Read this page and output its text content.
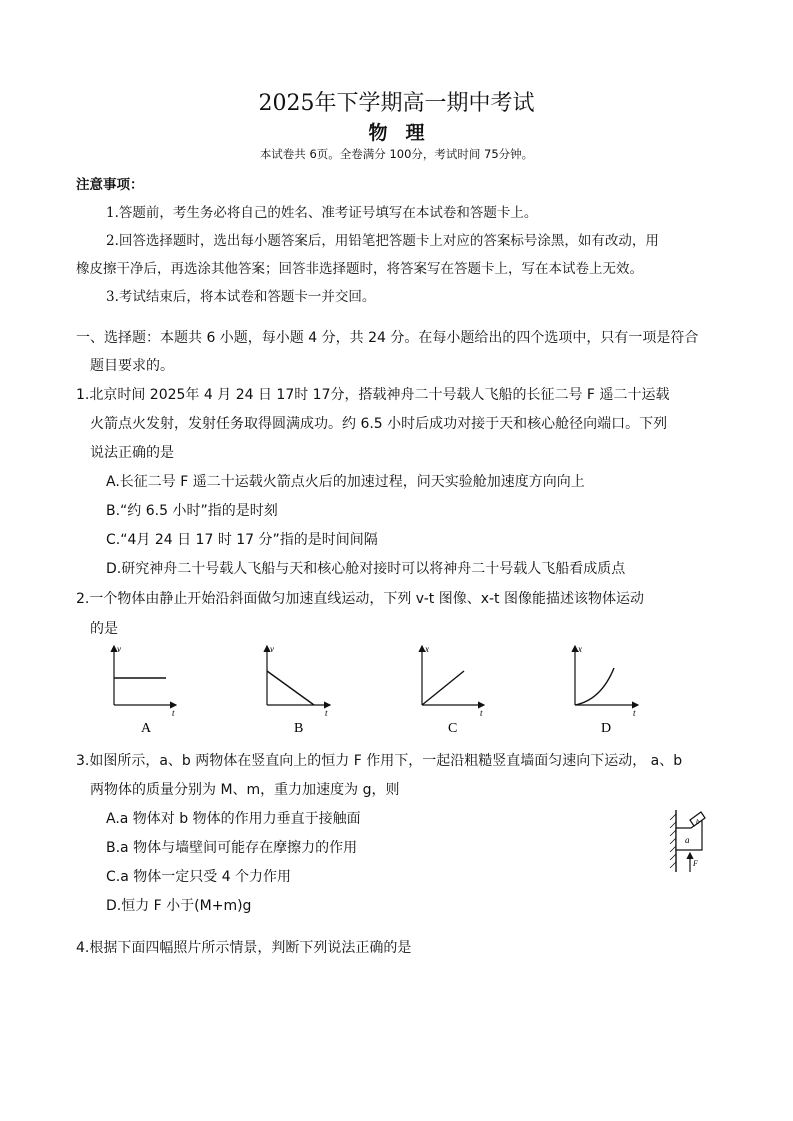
2025年下学期高一期中考试
物理
本试卷共 6页。全卷满分 100分，考试时间 75分钟。
注意事项：
1.答题前，考生务必将自己的姓名、准考证号填写在本试卷和答题卡上。
2.回答选择题时，选出每小题答案后，用铅笔把答题卡上对应的答案标号涂黑，如有改动，用
橡皮擦干净后，再选涂其他答案；回答非选择题时，将答案写在答题卡上，写在本试卷上无效。
3.考试结束后，将本试卷和答题卡一并交回。
一、选择题：本题共 6 小题，每小题 4 分，共 24 分。在每小题给出的四个选项中，只有一项是符合
题目要求的。
1.北京时间 2025年 4 月 24 日 17时 17分，搭载神舟二十号载人飞船的长征二号 F 遥二十运载
火箭点火发射，发射任务取得圆满成功。约 6.5 小时后成功对接于天和核心舱径向端口。下列
说法正确的是
A.长征二号 F 遥二十运载火箭点火后的加速过程，问天实验舱加速度方向向上
B.“约 6.5 小时”指的是时刻
C.“4月 24 日 17 时 17 分”指的是时间间隔
D.研究神舟二十号载人飞船与天和核心舱对接时可以将神舟二十号载人飞船看成质点
2.一个物体由静止开始沿斜面做匀加速直线运动，下列 v-t 图像、x-t 图像能描述该物体运动
的是
v
t
A
v
t
B
x
t
C
x
t
D
3.如图所示，a、b 两物体在竖直向上的恒力 F 作用下，一起沿粗糙竖直墙面匀速向下运动， a、b
两物体的质量分别为 M、m，重力加速度为 g，则
A.a 物体对 b 物体的作用力垂直于接触面
B.a 物体与墙壁间可能存在摩擦力的作用
C.a 物体一定只受 4 个力作用
D.恒力 F 小于(M+m)g
a
b
F
4.根据下面四幅照片所示情景，判断下列说法正确的是
